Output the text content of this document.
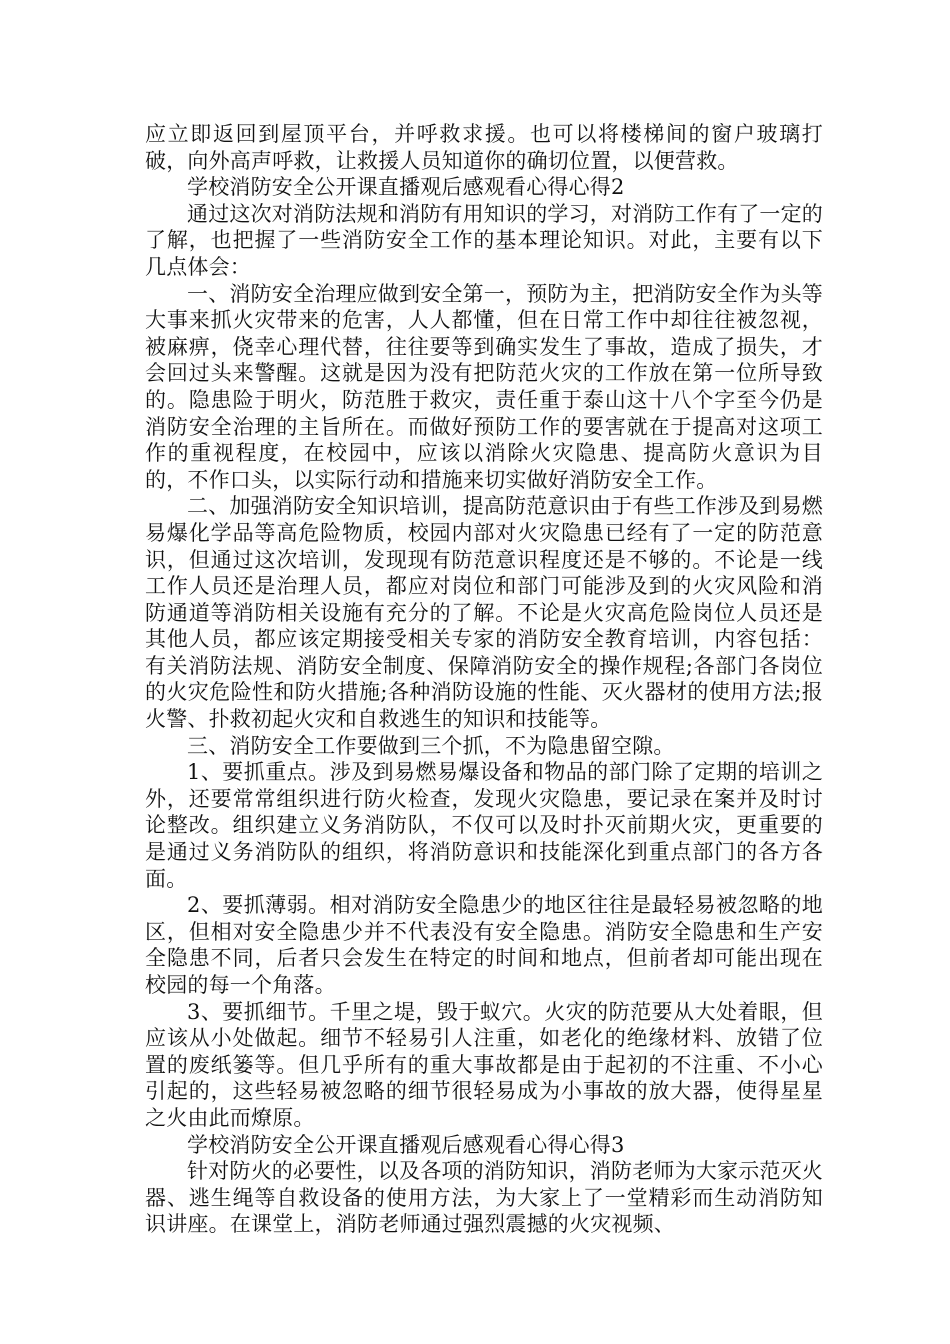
应立即返回到屋顶平台，并呼救求援。也可以将楼梯间的窗户玻璃打破，向外高声呼救，让救援人员知道你的确切位置，以便营救。

学校消防安全公开课直播观后感观看心得心得2

通过这次对消防法规和消防有用知识的学习，对消防工作有了一定的了解，也把握了一些消防安全工作的基本理论知识。对此，主要有以下几点体会：

一、消防安全治理应做到安全第一，预防为主，把消防安全作为头等大事来抓火灾带来的危害，人人都懂，但在日常工作中却往往被忽视，被麻痹，侥幸心理代替，往往要等到确实发生了事故，造成了损失，才会回过头来警醒。这就是因为没有把防范火灾的工作放在第一位所导致的。隐患险于明火，防范胜于救灾，责任重于泰山这十八个字至今仍是消防安全治理的主旨所在。而做好预防工作的要害就在于提高对这项工作的重视程度，在校园中，应该以消除火灾隐患、提高防火意识为目的，不作口头，以实际行动和措施来切实做好消防安全工作。

二、加强消防安全知识培训，提高防范意识由于有些工作涉及到易燃易爆化学品等高危险物质，校园内部对火灾隐患已经有了一定的防范意识，但通过这次培训，发现现有防范意识程度还是不够的。不论是一线工作人员还是治理人员，都应对岗位和部门可能涉及到的火灾风险和消防通道等消防相关设施有充分的了解。不论是火灾高危险岗位人员还是其他人员，都应该定期接受相关专家的消防安全教育培训，内容包括：有关消防法规、消防安全制度、保障消防安全的操作规程;各部门各岗位的火灾危险性和防火措施;各种消防设施的性能、灭火器材的使用方法;报火警、扑救初起火灾和自救逃生的知识和技能等。

三、消防安全工作要做到三个抓，不为隐患留空隙。

1、要抓重点。涉及到易燃易爆设备和物品的部门除了定期的培训之外，还要常常组织进行防火检查，发现火灾隐患，要记录在案并及时讨论整改。组织建立义务消防队，不仅可以及时扑灭前期火灾，更重要的是通过义务消防队的组织，将消防意识和技能深化到重点部门的各方各面。

2、要抓薄弱。相对消防安全隐患少的地区往往是最轻易被忽略的地区，但相对安全隐患少并不代表没有安全隐患。消防安全隐患和生产安全隐患不同，后者只会发生在特定的时间和地点，但前者却可能出现在校园的每一个角落。

3、要抓细节。千里之堤，毁于蚁穴。火灾的防范要从大处着眼，但应该从小处做起。细节不轻易引人注重，如老化的绝缘材料、放错了位置的废纸篓等。但几乎所有的重大事故都是由于起初的不注重、不小心引起的，这些轻易被忽略的细节很轻易成为小事故的放大器，使得星星之火由此而燎原。

学校消防安全公开课直播观后感观看心得心得3

针对防火的必要性，以及各项的消防知识，消防老师为大家示范灭火器、逃生绳等自救设备的使用方法，为大家上了一堂精彩而生动消防知识讲座。在课堂上，消防老师通过强烈震撼的火灾视频、
